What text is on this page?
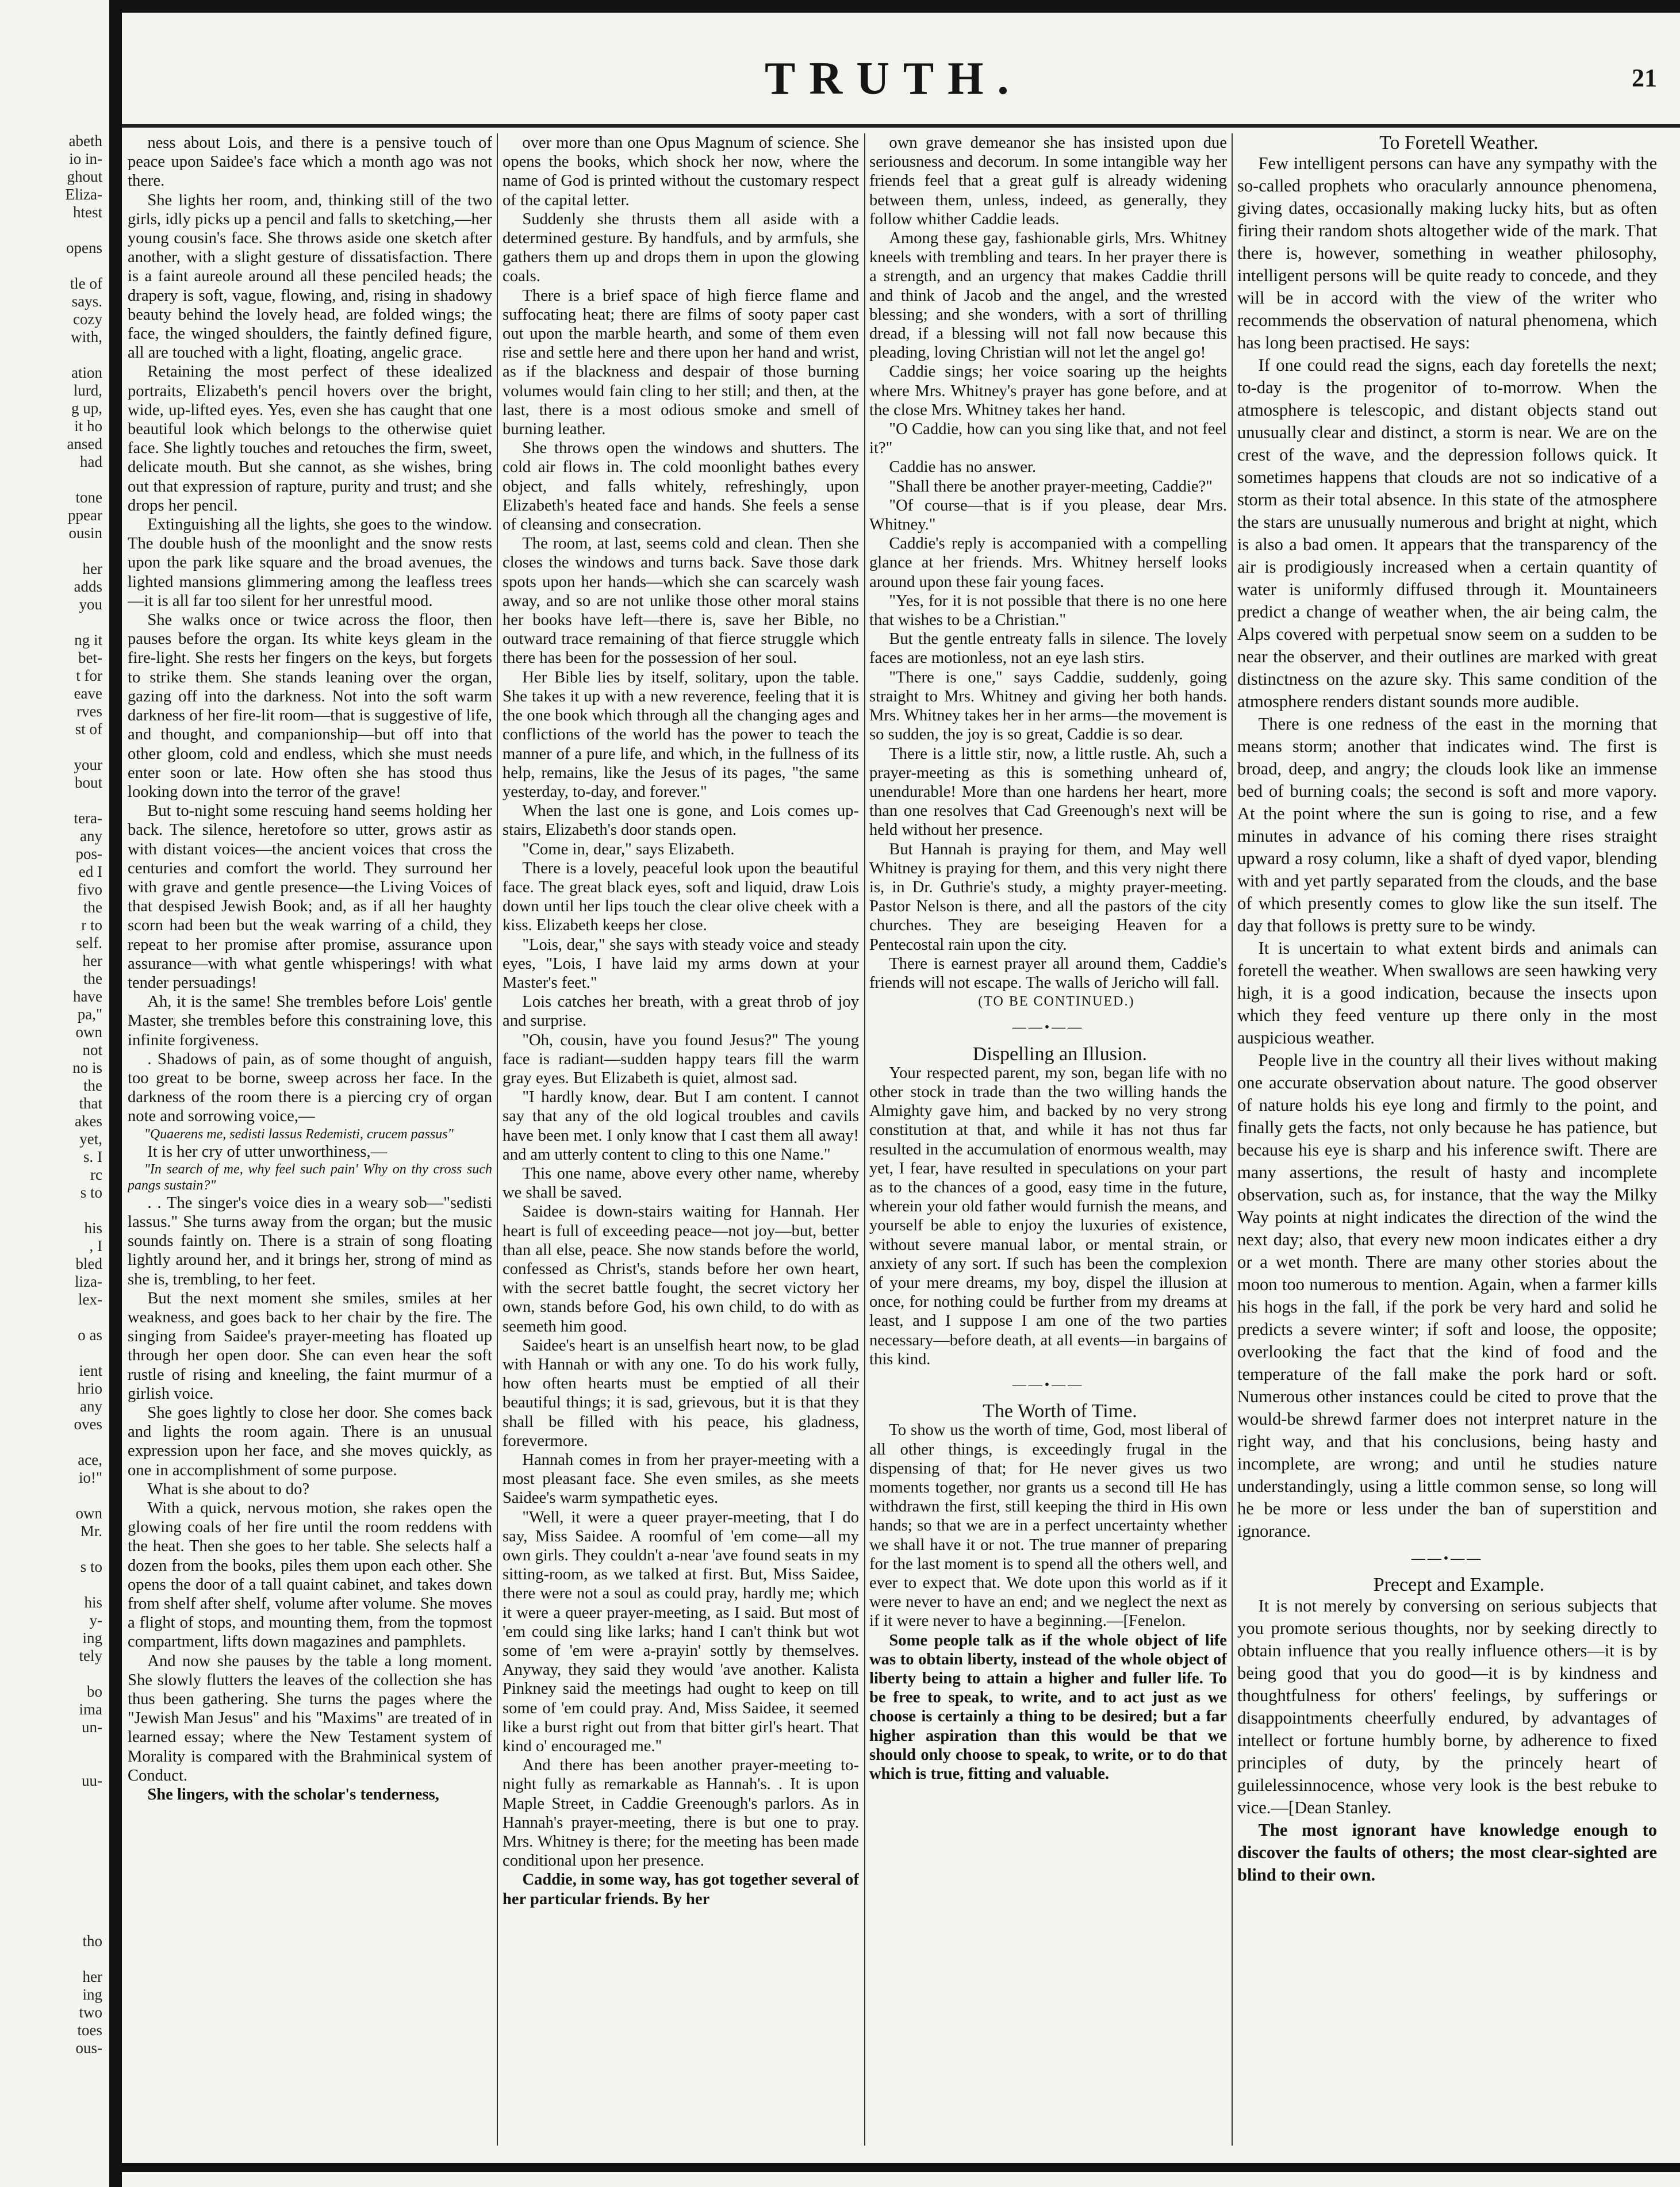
TRUTH.	21
abeth
io in-
ghout
Eliza-
htest

opens

tle of
says.
cozy
with,

ation
lurd,
g up,
it ho
ansed
had

tone
ppear
ousin

her
adds
you

ng it
bet-
t for
eave
rves
st of

your
bout

tera-
any
pos-
ed I
fivo
the
r to
self.
her
the
have
pa,"
own
not
no is
the
that
akes
yet,
s. I
rc
s to

his
, I
bled
liza-
lex-

o as

ient
hrio
any
oves

ace,
io!"

own
Mr.

s to

his
y-
ing
tely

bo
ima
un-

uu-

tho

her
ing
two
toes
ous-

ness about Lois, and there is a pensive touch of peace upon Saidee's face which a month ago was not there.

She lights her room, and, thinking still of the two girls, idly picks up a pencil and falls to sketching,—her young cousin's face. She throws aside one sketch after another, with a slight gesture of dissatisfaction. There is a faint aureole around all these penciled heads; the drapery is soft, vague, flowing, and, rising in shadowy beauty behind the lovely head, are folded wings; the face, the winged shoulders, the faintly defined figure, all are touched with a light, floating, angelic grace.

Retaining the most perfect of these idealized portraits, Elizabeth's pencil hovers over the bright, wide, up-lifted eyes. Yes, even she has caught that one beautiful look which belongs to the otherwise quiet face. She lightly touches and retouches the firm, sweet, delicate mouth. But she cannot, as she wishes, bring out that expression of rapture, purity and trust; and she drops her pencil.

Extinguishing all the lights, she goes to the window. The double hush of the moonlight and the snow rests upon the park like square and the broad avenues, the lighted mansions glimmering among the leafless trees—it is all far too silent for her unrestful mood.

She walks once or twice across the floor, then pauses before the organ. Its white keys gleam in the fire-light. She rests her fingers on the keys, but forgets to strike them. She stands leaning over the organ, gazing off into the darkness. Not into the soft warm darkness of her fire-lit room—that is suggestive of life, and thought, and companionship—but off into that other gloom, cold and endless, which she must needs enter soon or late. How often she has stood thus looking down into the terror of the grave!

But to-night some rescuing hand seems holding her back. The silence, heretofore so utter, grows astir as with distant voices—the ancient voices that cross the centuries and comfort the world. They surround her with grave and gentle presence—the Living Voices of that despised Jewish Book; and, as if all her haughty scorn had been but the weak warring of a child, they repeat to her promise after promise, assurance upon assurance—with what gentle whisperings! with what tender persuadings!

Ah, it is the same! She trembles before Lois' gentle Master, she trembles before this constraining love, this infinite forgiveness.

. Shadows of pain, as of some thought of anguish, too great to be borne, sweep across her face. In the darkness of the room there is a piercing cry of organ note and sorrowing voice,—

"Quaerens me, sedisti lassus Redemisti, crucem passus"

It is her cry of utter unworthiness,—

"In search of me, why feel such pain' Why on thy cross such pangs sustain?"

. . The singer's voice dies in a weary sob—"sedisti lassus." She turns away from the organ; but the music sounds faintly on. There is a strain of song floating lightly around her, and it brings her, strong of mind as she is, trembling, to her feet.

But the next moment she smiles, smiles at her weakness, and goes back to her chair by the fire. The singing from Saidee's prayer-meeting has floated up through her open door. She can even hear the soft rustle of rising and kneeling, the faint murmur of a girlish voice.

She goes lightly to close her door. She comes back and lights the room again. There is an unusual expression upon her face, and she moves quickly, as one in accomplishment of some purpose.

What is she about to do?

With a quick, nervous motion, she rakes open the glowing coals of her fire until the room reddens with the heat. Then she goes to her table. She selects half a dozen from the books, piles them upon each other. She opens the door of a tall quaint cabinet, and takes down from shelf after shelf, volume after volume. She moves a flight of stops, and mounting them, from the topmost compartment, lifts down magazines and pamphlets.

And now she pauses by the table a long moment. She slowly flutters the leaves of the collection she has thus been gathering. She turns the pages where the "Jewish Man Jesus" and his "Maxims" are treated of in learned essay; where the New Testament system of Morality is compared with the Brahminical system of Conduct.

She lingers, with the scholar's tenderness,

over more than one Opus Magnum of science. She opens the books, which shock her now, where the name of God is printed without the customary respect of the capital letter.

Suddenly she thrusts them all aside with a determined gesture. By handfuls, and by armfuls, she gathers them up and drops them in upon the glowing coals.

There is a brief space of high fierce flame and suffocating heat; there are films of sooty paper cast out upon the marble hearth, and some of them even rise and settle here and there upon her hand and wrist, as if the blackness and despair of those burning volumes would fain cling to her still; and then, at the last, there is a most odious smoke and smell of burning leather.

She throws open the windows and shutters. The cold air flows in. The cold moonlight bathes every object, and falls whitely, refreshingly, upon Elizabeth's heated face and hands. She feels a sense of cleansing and consecration.

The room, at last, seems cold and clean. Then she closes the windows and turns back. Save those dark spots upon her hands—which she can scarcely wash away, and so are not unlike those other moral stains her books have left—there is, save her Bible, no outward trace remaining of that fierce struggle which there has been for the possession of her soul.

Her Bible lies by itself, solitary, upon the table. She takes it up with a new reverence, feeling that it is the one book which through all the changing ages and conflictions of the world has the power to teach the manner of a pure life, and which, in the fullness of its help, remains, like the Jesus of its pages, "the same yesterday, to-day, and forever."

When the last one is gone, and Lois comes up-stairs, Elizabeth's door stands open.

"Come in, dear," says Elizabeth.

There is a lovely, peaceful look upon the beautiful face. The great black eyes, soft and liquid, draw Lois down until her lips touch the clear olive cheek with a kiss. Elizabeth keeps her close.

"Lois, dear," she says with steady voice and steady eyes, "Lois, I have laid my arms down at your Master's feet."

Lois catches her breath, with a great throb of joy and surprise.

"Oh, cousin, have you found Jesus?" The young face is radiant—sudden happy tears fill the warm gray eyes. But Elizabeth is quiet, almost sad.

"I hardly know, dear. But I am content. I cannot say that any of the old logical troubles and cavils have been met. I only know that I cast them all away! and am utterly content to cling to this one Name."

This one name, above every other name, whereby we shall be saved.

Saidee is down-stairs waiting for Hannah. Her heart is full of exceeding peace—not joy—but, better than all else, peace. She now stands before the world, confessed as Christ's, stands before her own heart, with the secret battle fought, the secret victory her own, stands before God, his own child, to do with as seemeth him good.

Saidee's heart is an unselfish heart now, to be glad with Hannah or with any one. To do his work fully, how often hearts must be emptied of all their beautiful things; it is sad, grievous, but it is that they shall be filled with his peace, his gladness, forevermore.

Hannah comes in from her prayer-meeting with a most pleasant face. She even smiles, as she meets Saidee's warm sympathetic eyes.

"Well, it were a queer prayer-meeting, that I do say, Miss Saidee. A roomful of 'em come—all my own girls. They couldn't a-near 'ave found seats in my sitting-room, as we talked at first. But, Miss Saidee, there were not a soul as could pray, hardly me; which it were a queer prayer-meeting, as I said. But most of 'em could sing like larks; hand I can't think but wot some of 'em were a-prayin' sottly by themselves. Anyway, they said they would 'ave another. Kalista Pinkney said the meetings had ought to keep on till some of 'em could pray. And, Miss Saidee, it seemed like a burst right out from that bitter girl's heart. That kind o' encouraged me."

And there has been another prayer-meeting to-night fully as remarkable as Hannah's. . It is upon Maple Street, in Caddie Greenough's parlors. As in Hannah's prayer-meeting, there is but one to pray. Mrs. Whitney is there; for the meeting has been made conditional upon her presence.

Caddie, in some way, has got together several of her particular friends. By her

own grave demeanor she has insisted upon due seriousness and decorum. In some intangible way her friends feel that a great gulf is already widening between them, unless, indeed, as generally, they follow whither Caddie leads.

Among these gay, fashionable girls, Mrs. Whitney kneels with trembling and tears. In her prayer there is a strength, and an urgency that makes Caddie thrill and think of Jacob and the angel, and the wrested blessing; and she wonders, with a sort of thrilling dread, if a blessing will not fall now because this pleading, loving Christian will not let the angel go!

Caddie sings; her voice soaring up the heights where Mrs. Whitney's prayer has gone before, and at the close Mrs. Whitney takes her hand.

"O Caddie, how can you sing like that, and not feel it?"

Caddie has no answer.

"Shall there be another prayer-meeting, Caddie?"

"Of course—that is if you please, dear Mrs. Whitney."

Caddie's reply is accompanied with a compelling glance at her friends. Mrs. Whitney herself looks around upon these fair young faces.

"Yes, for it is not possible that there is no one here that wishes to be a Christian."

But the gentle entreaty falls in silence. The lovely faces are motionless, not an eye lash stirs.

"There is one," says Caddie, suddenly, going straight to Mrs. Whitney and giving her both hands. Mrs. Whitney takes her in her arms—the movement is so sudden, the joy is so great, Caddie is so dear.

There is a little stir, now, a little rustle. Ah, such a prayer-meeting as this is something unheard of, unendurable! More than one hardens her heart, more than one resolves that Cad Greenough's next will be held without her presence.

But Hannah is praying for them, and May well Whitney is praying for them, and this very night there is, in Dr. Guthrie's study, a mighty prayer-meeting. Pastor Nelson is there, and all the pastors of the city churches. They are beseiging Heaven for a Pentecostal rain upon the city.

There is earnest prayer all around them, Caddie's friends will not escape. The walls of Jericho will fall.

(TO BE CONTINUED.)

——•——

Dispelling an Illusion.

Your respected parent, my son, began life with no other stock in trade than the two willing hands the Almighty gave him, and backed by no very strong constitution at that, and while it has not thus far resulted in the accumulation of enormous wealth, may yet, I fear, have resulted in speculations on your part as to the chances of a good, easy time in the future, wherein your old father would furnish the means, and yourself be able to enjoy the luxuries of existence, without severe manual labor, or mental strain, or anxiety of any sort. If such has been the complexion of your mere dreams, my boy, dispel the illusion at once, for nothing could be further from my dreams at least, and I suppose I am one of the two parties necessary—before death, at all events—in bargains of this kind.

——•——

The Worth of Time.

To show us the worth of time, God, most liberal of all other things, is exceedingly frugal in the dispensing of that; for He never gives us two moments together, nor grants us a second till He has withdrawn the first, still keeping the third in His own hands; so that we are in a perfect uncertainty whether we shall have it or not. The true manner of preparing for the last moment is to spend all the others well, and ever to expect that. We dote upon this world as if it were never to have an end; and we neglect the next as if it were never to have a beginning.—[Fenelon.

Some people talk as if the whole object of life was to obtain liberty, instead of the whole object of liberty being to attain a higher and fuller life. To be free to speak, to write, and to act just as we choose is certainly a thing to be desired; but a far higher aspiration than this would be that we should only choose to speak, to write, or to do that which is true, fitting and valuable.

To Foretell Weather.

Few intelligent persons can have any sympathy with the so-called prophets who oracularly announce phenomena, giving dates, occasionally making lucky hits, but as often firing their random shots altogether wide of the mark. That there is, however, something in weather philosophy, intelligent persons will be quite ready to concede, and they will be in accord with the view of the writer who recommends the observation of natural phenomena, which has long been practised. He says:

If one could read the signs, each day foretells the next; to-day is the progenitor of to-morrow. When the atmosphere is telescopic, and distant objects stand out unusually clear and distinct, a storm is near. We are on the crest of the wave, and the depression follows quick. It sometimes happens that clouds are not so indicative of a storm as their total absence. In this state of the atmosphere the stars are unusually numerous and bright at night, which is also a bad omen. It appears that the transparency of the air is prodigiously increased when a certain quantity of water is uniformly diffused through it. Mountaineers predict a change of weather when, the air being calm, the Alps covered with perpetual snow seem on a sudden to be near the observer, and their outlines are marked with great distinctness on the azure sky. This same condition of the atmosphere renders distant sounds more audible.

There is one redness of the east in the morning that means storm; another that indicates wind. The first is broad, deep, and angry; the clouds look like an immense bed of burning coals; the second is soft and more vapory. At the point where the sun is going to rise, and a few minutes in advance of his coming there rises straight upward a rosy column, like a shaft of dyed vapor, blending with and yet partly separated from the clouds, and the base of which presently comes to glow like the sun itself. The day that follows is pretty sure to be windy.

It is uncertain to what extent birds and animals can foretell the weather. When swallows are seen hawking very high, it is a good indication, because the insects upon which they feed venture up there only in the most auspicious weather.

People live in the country all their lives without making one accurate observation about nature. The good observer of nature holds his eye long and firmly to the point, and finally gets the facts, not only because he has patience, but because his eye is sharp and his inference swift. There are many assertions, the result of hasty and incomplete observation, such as, for instance, that the way the Milky Way points at night indicates the direction of the wind the next day; also, that every new moon indicates either a dry or a wet month. There are many other stories about the moon too numerous to mention. Again, when a farmer kills his hogs in the fall, if the pork be very hard and solid he predicts a severe winter; if soft and loose, the opposite; overlooking the fact that the kind of food and the temperature of the fall make the pork hard or soft. Numerous other instances could be cited to prove that the would-be shrewd farmer does not interpret nature in the right way, and that his conclusions, being hasty and incomplete, are wrong; and until he studies nature understandingly, using a little common sense, so long will he be more or less under the ban of superstition and ignorance.

——•——

Precept and Example.

It is not merely by conversing on serious subjects that you promote serious thoughts, nor by seeking directly to obtain influence that you really influence others—it is by being good that you do good—it is by kindness and thoughtfulness for others' feelings, by sufferings or disappointments cheerfully endured, by advantages of intellect or fortune humbly borne, by adherence to fixed principles of duty, by the princely heart of guilelessinnocence, whose very look is the best rebuke to vice.—[Dean Stanley.

The most ignorant have knowledge enough to discover the faults of others; the most clear-sighted are blind to their own.
